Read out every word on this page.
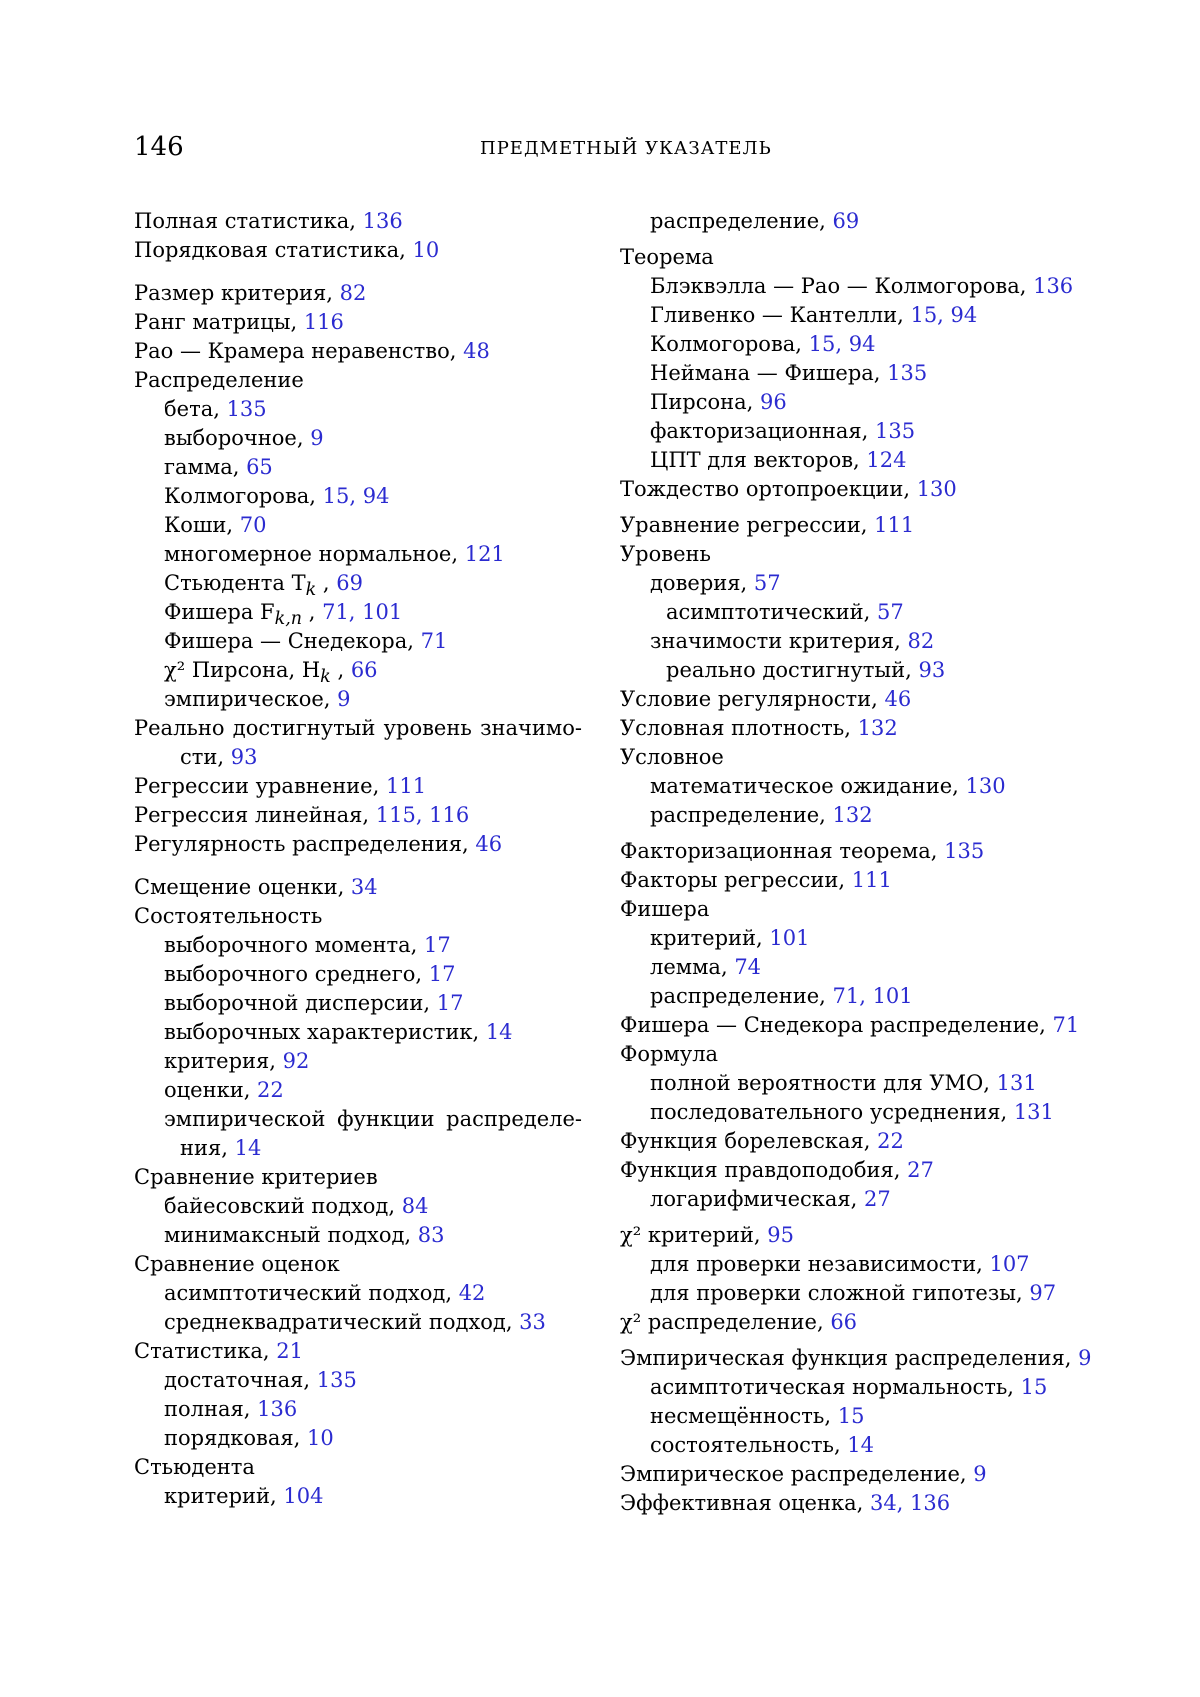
146	ПРЕДМЕТНЫЙ УКАЗАТЕЛЬ
Полная статистика, 136
Порядковая статистика, 10
Размер критерия, 82
Ранг матрицы, 116
Рао — Крамера неравенство, 48
Распределение
бета, 135
выборочное, 9
гамма, 65
Колмогорова, 15, 94
Коши, 70
многомерное нормальное, 121
Стьюдента $T_k$ , 69
Фишера $F_{k,n}$ , 71, 101
Фишера — Снедекора, 71
χ² Пирсона, $H_k$ , 66
эмпирическое, 9
Реально достигнутый уровень значимо-
сти, 93
Регрессии уравнение, 111
Регрессия линейная, 115, 116
Регулярность распределения, 46
Смещение оценки, 34
Состоятельность
выборочного момента, 17
выборочного среднего, 17
выборочной дисперсии, 17
выборочных характеристик, 14
критерия, 92
оценки, 22
эмпирической функции распределе-
ния, 14
Сравнение критериев
байесовский подход, 84
минимаксный подход, 83
Сравнение оценок
асимптотический подход, 42
среднеквадратический подход, 33
Статистика, 21
достаточная, 135
полная, 136
порядковая, 10
Стьюдента
критерий, 104
распределение, 69
Теорема
Блэквэлла — Рао — Колмогорова, 136
Гливенко — Кантелли, 15, 94
Колмогорова, 15, 94
Неймана — Фишера, 135
Пирсона, 96
факторизационная, 135
ЦПТ для векторов, 124
Тождество ортопроекции, 130
Уравнение регрессии, 111
Уровень
доверия, 57
асимптотический, 57
значимости критерия, 82
реально достигнутый, 93
Условие регулярности, 46
Условная плотность, 132
Условное
математическое ожидание, 130
распределение, 132
Факторизационная теорема, 135
Факторы регрессии, 111
Фишера
критерий, 101
лемма, 74
распределение, 71, 101
Фишера — Снедекора распределение, 71
Формула
полной вероятности для УМО, 131
последовательного усреднения, 131
Функция борелевская, 22
Функция правдоподобия, 27
логарифмическая, 27
χ² критерий, 95
для проверки независимости, 107
для проверки сложной гипотезы, 97
χ² распределение, 66
Эмпирическая функция распределения, 9
асимптотическая нормальность, 15
несмещённость, 15
состоятельность, 14
Эмпирическое распределение, 9
Эффективная оценка, 34, 136
